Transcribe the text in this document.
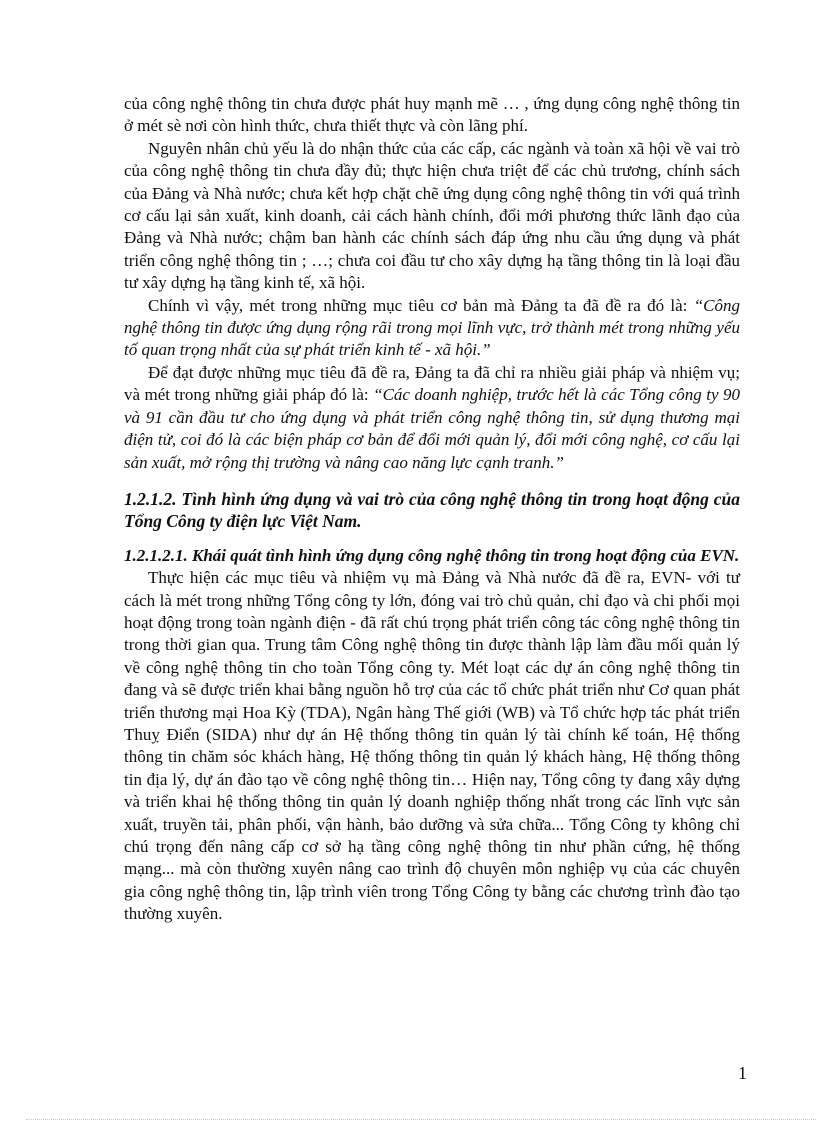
của công nghệ thông tin chưa được phát huy mạnh mẽ … , ứng dụng công nghệ thông tin ở mét sè nơi còn hình thức, chưa thiết thực và còn lãng phí.

Nguyên nhân chủ yếu là do nhận thức của các cấp, các ngành và toàn xã hội về vai trò của công nghệ thông tin chưa đầy đủ; thực hiện chưa triệt để các chủ trương, chính sách của Đảng và Nhà nước; chưa kết hợp chặt chẽ ứng dụng công nghệ thông tin với quá trình cơ cấu lại sản xuất, kinh doanh, cải cách hành chính, đổi mới phương thức lãnh đạo của Đảng và Nhà nước; chậm ban hành các chính sách đáp ứng nhu cầu ứng dụng và phát triển công nghệ thông tin ; …; chưa coi đầu tư cho xây dựng hạ tầng thông tin là loại đầu tư xây dựng hạ tầng kinh tế, xã hội.

Chính vì vậy, mét trong những mục tiêu cơ bản mà Đảng ta đã đề ra đó là: “Công nghệ thông tin được ứng dụng rộng rãi trong mọi lĩnh vực, trở thành mét trong những yếu tố quan trọng nhất của sự phát triển kinh tế - xã hội.”

Để đạt được những mục tiêu đã đề ra, Đảng ta đã chỉ ra nhiều giải pháp và nhiệm vụ; và mét trong những giải pháp đó là: “Các doanh nghiệp, trước hết là các Tổng công ty 90 và 91 cần đầu tư cho ứng dụng và phát triển công nghệ thông tin, sử dụng thương mại điện tử, coi đó là các biện pháp cơ bản để đổi mới quản lý, đổi mới công nghệ, cơ cấu lại sản xuất, mở rộng thị trường và nâng cao năng lực cạnh tranh.”

1.2.1.2. Tình hình ứng dụng và vai trò của công nghệ thông tin trong hoạt động của Tổng Công ty điện lực Việt Nam.
1.2.1.2.1. Khái quát tình hình ứng dụng công nghệ thông tin trong hoạt động của EVN.

Thực hiện các mục tiêu và nhiệm vụ mà Đảng và Nhà nước đã đề ra, EVN- với tư cách là mét trong những Tổng công ty lớn, đóng vai trò chủ quản, chỉ đạo và chi phối mọi hoạt động trong toàn ngành điện - đã rất chú trọng phát triển công tác công nghệ thông tin trong thời gian qua. Trung tâm Công nghệ thông tin được thành lập làm đầu mối quản lý về công nghệ thông tin cho toàn Tổng công ty. Mét loạt các dự án công nghệ thông tin đang và sẽ được triển khai bằng nguồn hỗ trợ của các tổ chức phát triển như Cơ quan phát triển thương mại Hoa Kỳ (TDA), Ngân hàng Thế giới (WB) và Tổ chức hợp tác phát triển Thuỵ Điển (SIDA) như dự án Hệ thống thông tin quản lý tài chính kế toán, Hệ thống thông tin chăm sóc khách hàng, Hệ thống thông tin quản lý khách hàng, Hệ thống thông tin địa lý, dự án đào tạo về công nghệ thông tin… Hiện nay, Tổng công ty đang xây dựng và triển khai hệ thống thông tin quản lý doanh nghiệp thống nhất trong các lĩnh vực sản xuất, truyền tải, phân phối, vận hành, bảo dưỡng và sửa chữa... Tổng Công ty không chỉ chú trọng đến nâng cấp cơ sở hạ tầng công nghệ thông tin như phần cứng, hệ thống mạng... mà còn thường xuyên nâng cao trình độ chuyên môn nghiệp vụ của các chuyên gia công nghệ thông tin, lập trình viên trong Tổng Công ty bằng các chương trình đào tạo thường xuyên.

1
